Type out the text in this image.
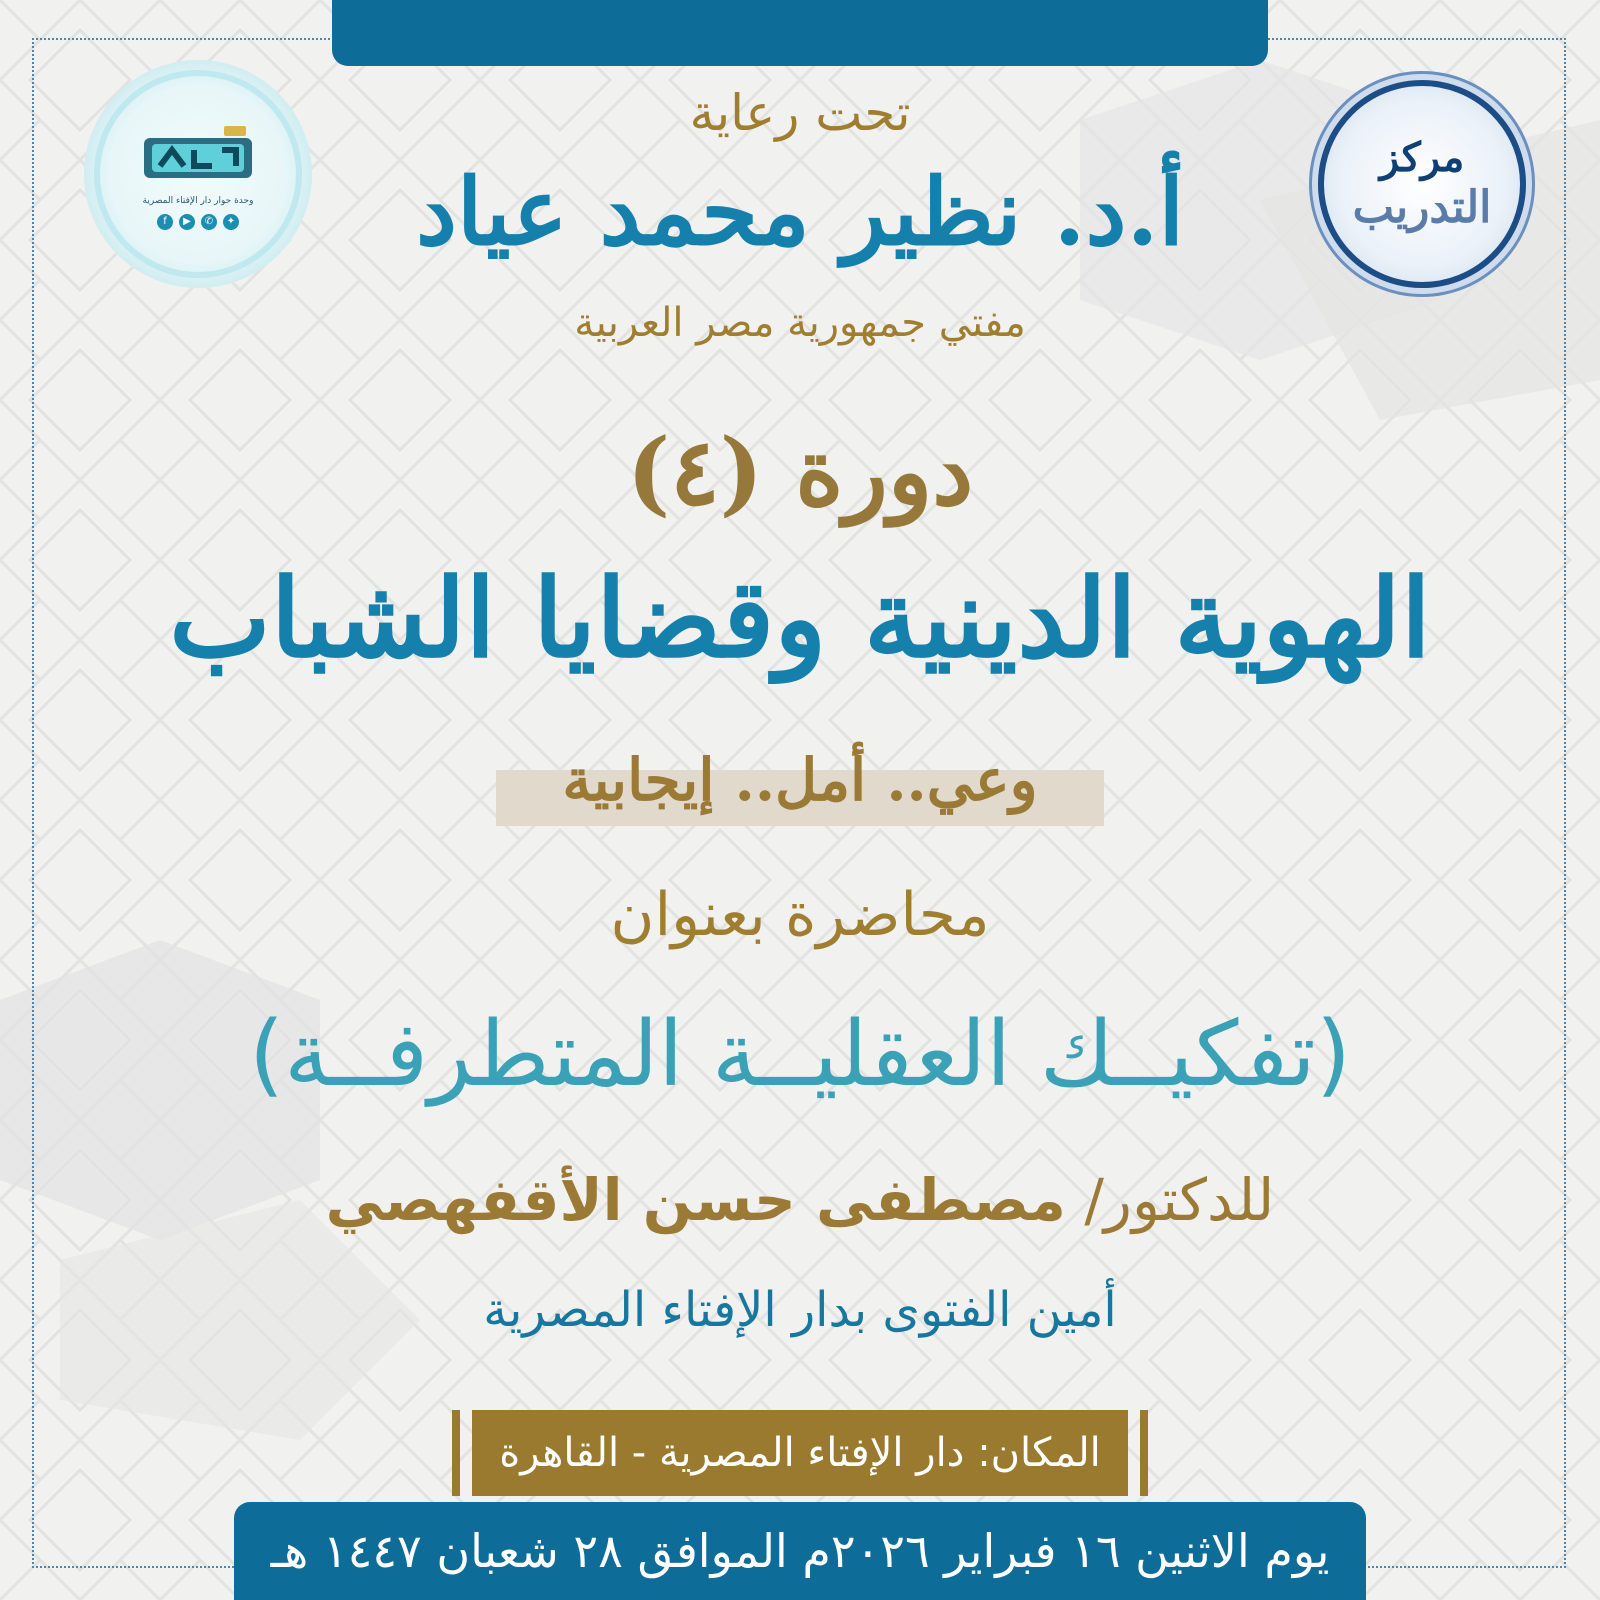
وحدة حوار دار الإفتاء المصرية
f	▶	✆	✦
مركز
التدريب
تحت رعاية
أ.د. نظير محمد عياد
مفتي جمهورية مصر العربية
دورة (٤)
الهوية الدينية وقضايا الشباب
وعي.. أمل.. إيجابية
محاضرة بعنوان
(تفكيــك العقليــة المتطرفــة)
للدكتور/ مصطفى حسن الأقفهصي
أمين الفتوى بدار الإفتاء المصرية
المكان: دار الإفتاء المصرية - القاهرة
يوم الاثنين ١٦ فبراير ٢٠٢٦م الموافق ٢٨ شعبان ١٤٤٧ هـ
